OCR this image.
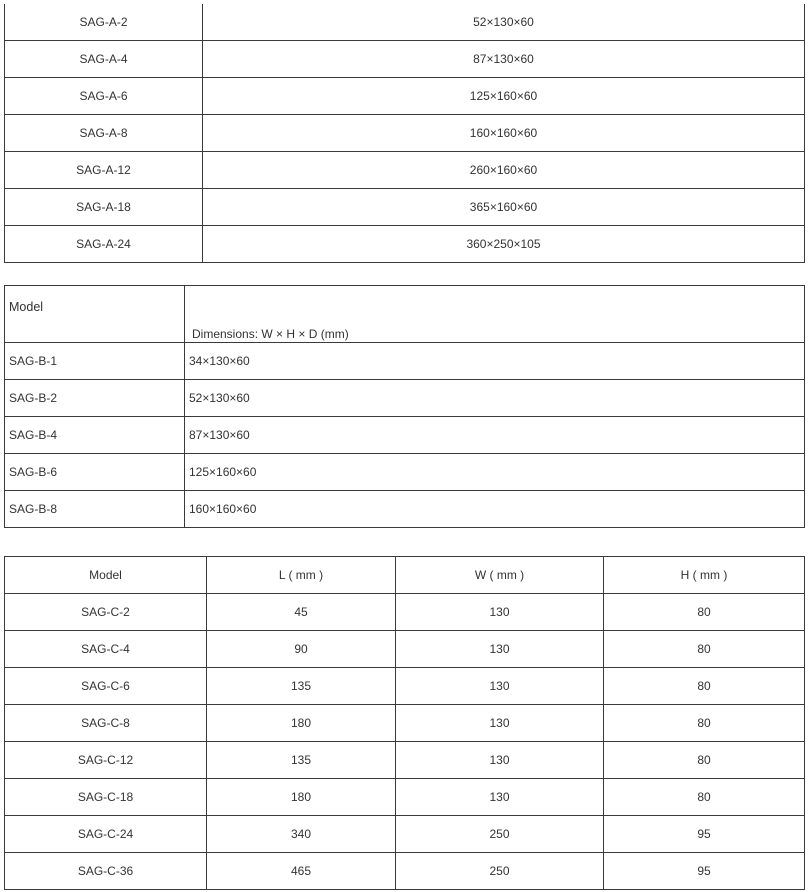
SAG-A-2	52×130×60
SAG-A-4	87×130×60
SAG-A-6	125×160×60
SAG-A-8	160×160×60
SAG-A-12	260×160×60
SAG-A-18	365×160×60
SAG-A-24	360×250×105
Model	Dimensions: W × H × D (mm)
SAG-B-1	34×130×60
SAG-B-2	52×130×60
SAG-B-4	87×130×60
SAG-B-6	125×160×60
SAG-B-8	160×160×60
Model	L ( mm )	W ( mm )	H ( mm )
SAG-C-2	45	130	80
SAG-C-4	90	130	80
SAG-C-6	135	130	80
SAG-C-8	180	130	80
SAG-C-12	135	130	80
SAG-C-18	180	130	80
SAG-C-24	340	250	95
SAG-C-36	465	250	95
